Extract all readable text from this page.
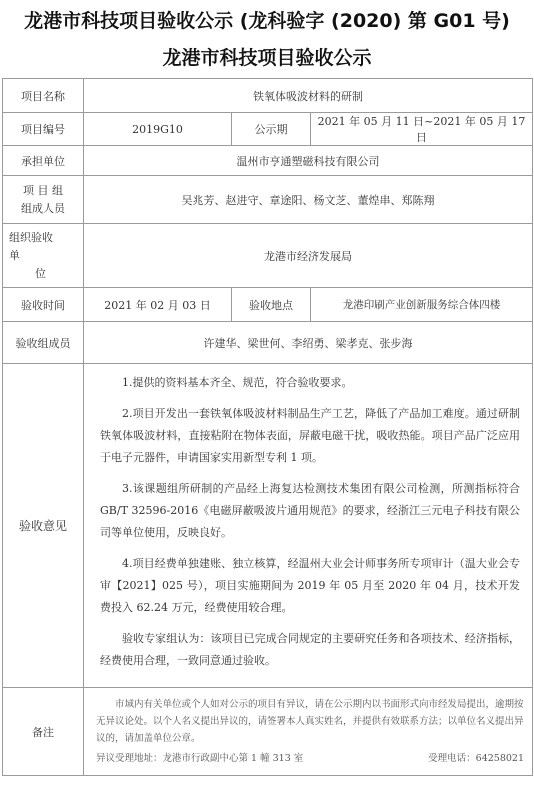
龙港市科技项目验收公示 (龙科验字 (2020) 第 G01 号)
龙港市科技项目验收公示
项目名称	铁氧体吸波材料的研制		
项目编号	2019G10	公示期	2021 年 05 月 11 日~2021 年 05 月 17 日
承担单位	温州市亨通塑磁科技有限公司		

项 目 组
组成人员	吴兆芳、赵进守、章途阳、杨文芝、董煌串、郑陈翔		

组织验收
单
位	龙港市经济发展局		
验收时间	2021 年 02 月 03 日	验收地点	龙港印刷产业创新服务综合体四楼
验收组成员	许建华、梁世何、李绍勇、梁孝克、张步海		
验收意见	1.提供的资料基本齐全、规范，符合验收要求。

2.项目开发出一套铁氧体吸波材料制品生产工艺，降低了产品加工难度。通过研制铁氧体吸波材料，直接粘附在物体表面，屏蔽电磁干扰，吸收热能。项目产品广泛应用于电子元器件，申请国家实用新型专利 1 项。

3.该课题组所研制的产品经上海复达检测技术集团有限公司检测，所测指标符合 GB/T 32596-2016《电磁屏蔽吸波片通用规范》的要求，经浙江三元电子科技有限公司等单位使用，反映良好。

4.项目经费单独建账、独立核算，经温州大业会计师事务所专项审计（温大业会专审【2021】025 号），项目实施期间为 2019 年 05 月至 2020 年 04 月，技术开发费投入 62.24 万元，经费使用较合理。

验收专家组认为：该项目已完成合同规定的主要研究任务和各项技术、经济指标，经费使用合理，一致同意通过验收。		

备注	市域内有关单位或个人如对公示的项目有异议，请在公示期内以书面形式向市经发局提出，逾期按无异议论处。以个人名义提出异议的，请签署本人真实姓名，并提供有效联系方法；以单位名义提出异议的，请加盖单位公章。

异议受理地址：龙港市行政副中心第 1 幢 313 室 受理电话：64258021		
